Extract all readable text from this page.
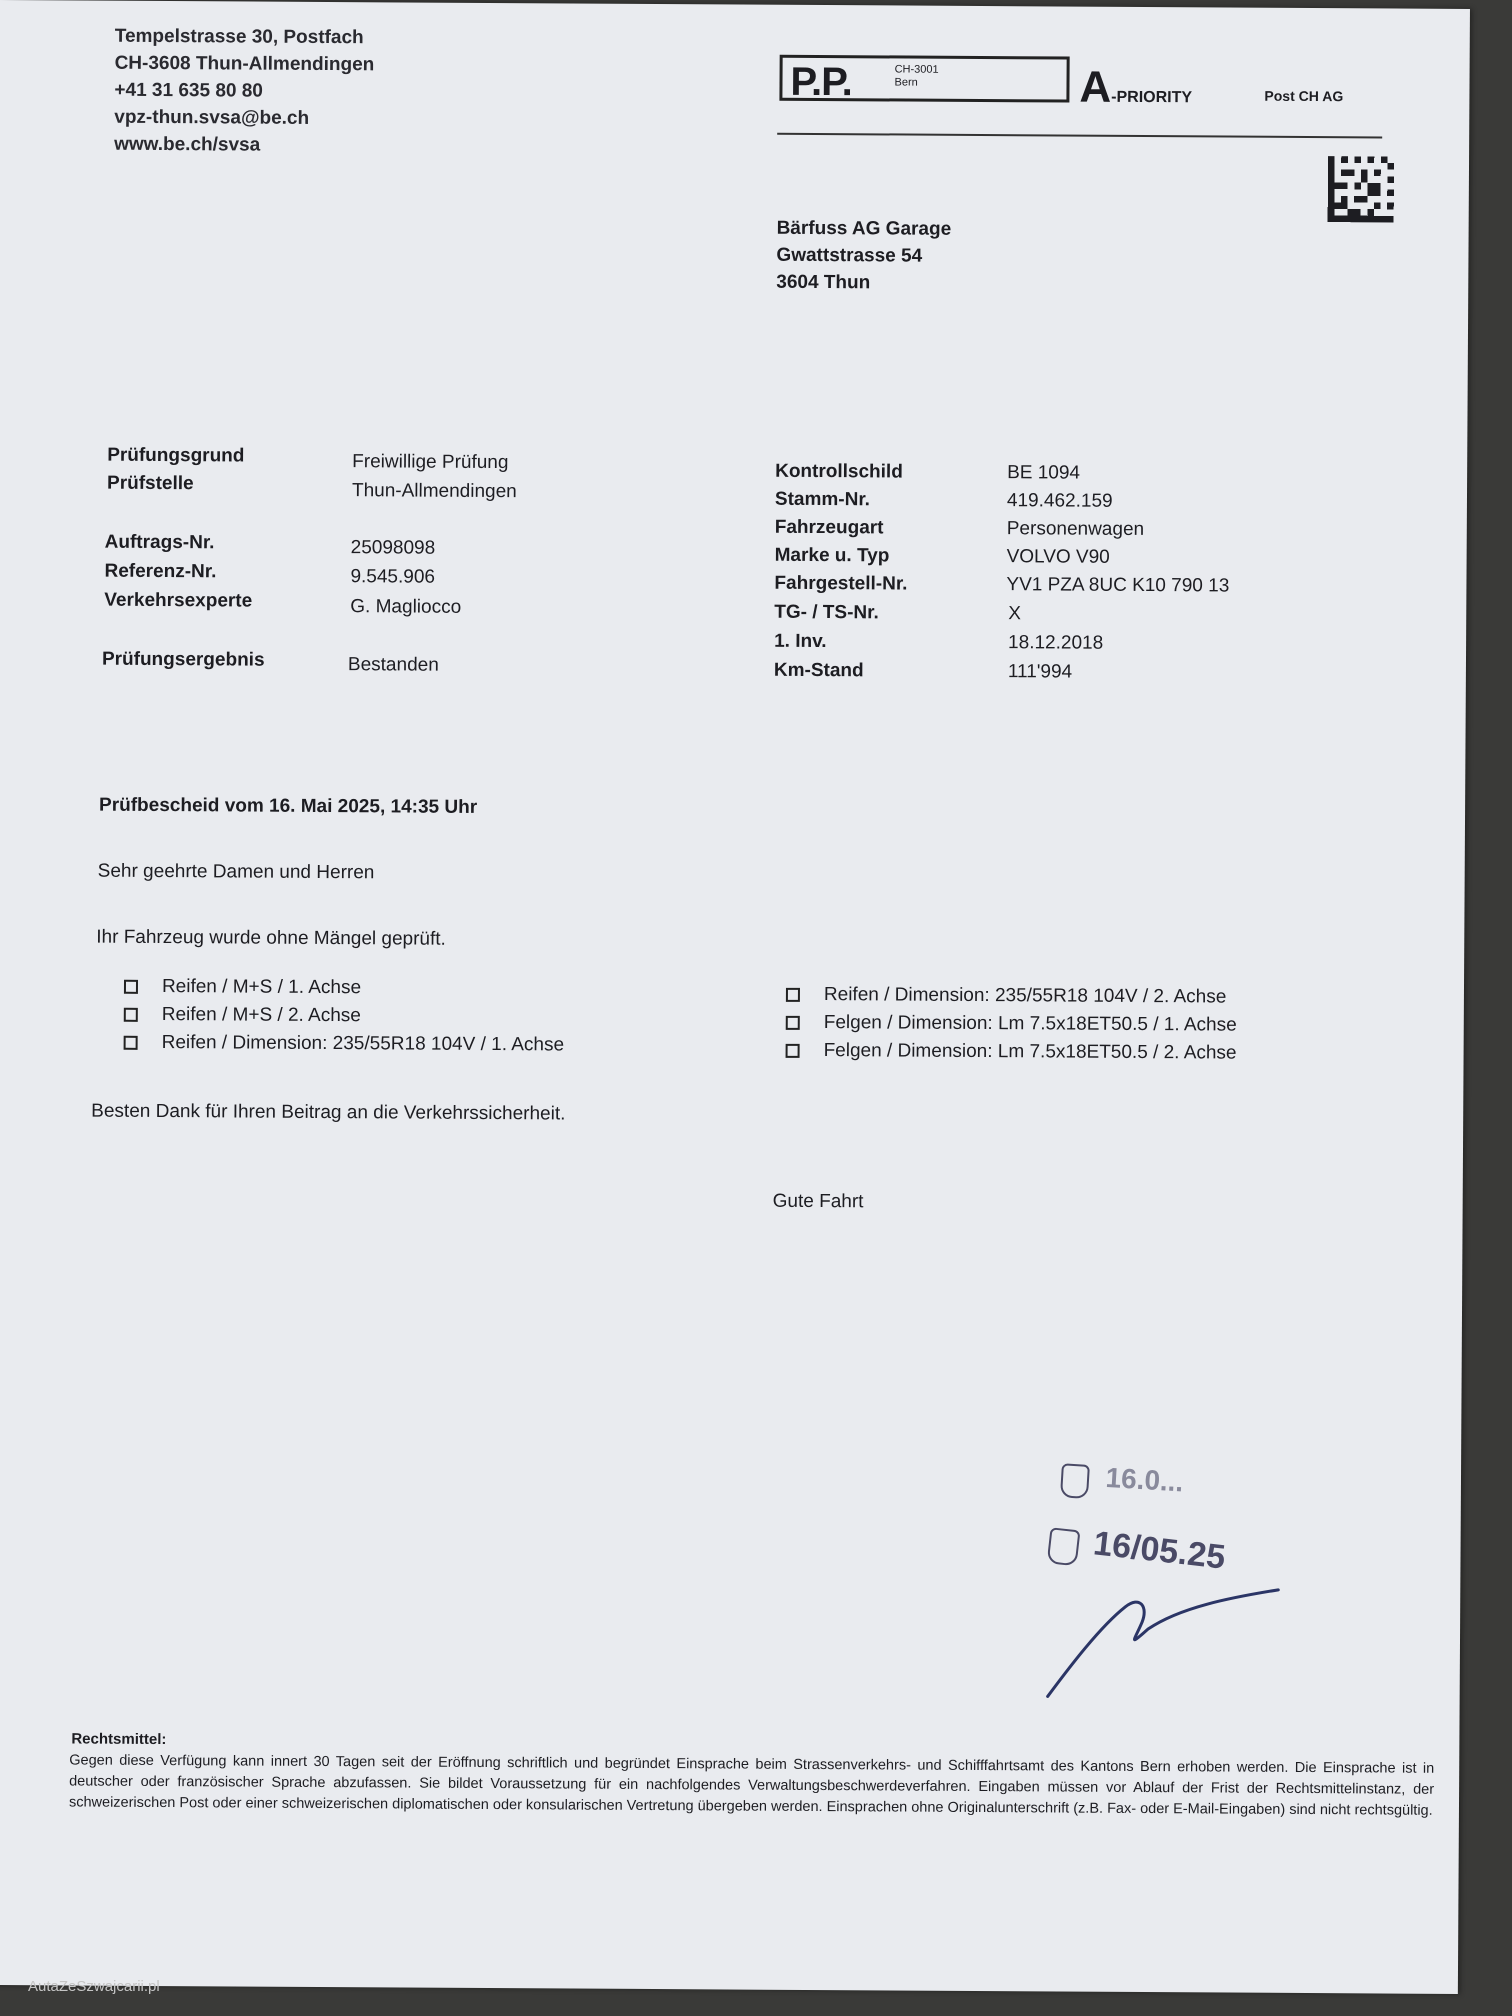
Tempelstrasse 30, Postfach
CH-3608 Thun-Allmendingen
+41 31 635 80 80
vpz-thun.svsa@be.ch
www.be.ch/svsa
P.P.	CH-3001
Bern	A-PRIORITY	Post CH AG
Bärfuss AG Garage
Gwattstrasse 54
3604 Thun
Prüfungsgrund	Freiwillige Prüfung
Prüfstelle	Thun-Allmendingen
Auftrags-Nr.	25098098
Referenz-Nr.	9.545.906
Verkehrsexperte	G. Magliocco
Prüfungsergebnis	Bestanden
Kontrollschild	BE 1094
Stamm-Nr.	419.462.159
Fahrzeugart	Personenwagen
Marke u. Typ	VOLVO V90
Fahrgestell-Nr.	YV1 PZA 8UC K10 790 13
TG- / TS-Nr.	X
1. Inv.	18.12.2018
Km-Stand	111'994
Prüfbescheid vom 16. Mai 2025, 14:35 Uhr
Sehr geehrte Damen und Herren
Ihr Fahrzeug wurde ohne Mängel geprüft.
Reifen / M+S / 1. Achse
Reifen / M+S / 2. Achse
Reifen / Dimension: 235/55R18 104V / 1. Achse
Reifen / Dimension: 235/55R18 104V / 2. Achse
Felgen / Dimension: Lm 7.5x18ET50.5 / 1. Achse
Felgen / Dimension: Lm 7.5x18ET50.5 / 2. Achse
Besten Dank für Ihren Beitrag an die Verkehrssicherheit.
Gute Fahrt
16.0...
16/05.25
Rechtsmittel:
Gegen diese Verfügung kann innert 30 Tagen seit der Eröffnung schriftlich und begründet Einsprache beim Strassenverkehrs- und Schifffahrtsamt des Kantons Bern erhoben werden. Die Einsprache ist in deutscher oder französischer Sprache abzufassen. Sie bildet Voraussetzung für ein nachfolgendes Verwaltungsbeschwerdeverfahren. Eingaben müssen vor Ablauf der Frist der Rechtsmittelinstanz, der schweizerischen Post oder einer schweizerischen diplomatischen oder konsularischen Vertretung übergeben werden. Einsprachen ohne Originalunterschrift (z.B. Fax- oder E-Mail-Eingaben) sind nicht rechtsgültig.
AutaZeSzwajcarii.pl
